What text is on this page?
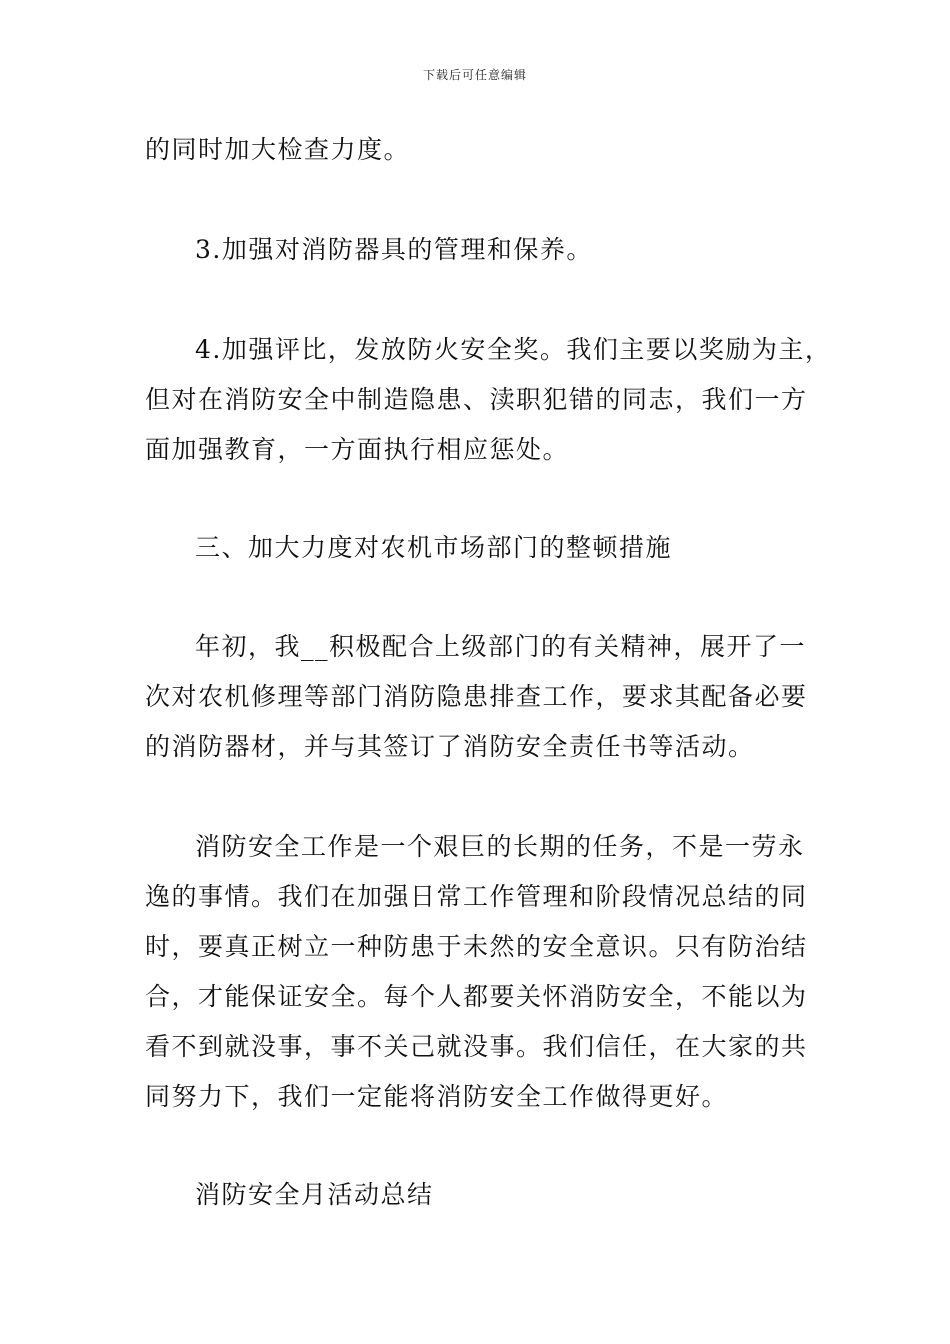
下载后可任意编辑
的同时加大检查力度。
3.加强对消防器具的管理和保养。
4.加强评比，发放防火安全奖。我们主要以奖励为主，
但对在消防安全中制造隐患、渎职犯错的同志，我们一方
面加强教育，一方面执行相应惩处。
三、加大力度对农机市场部门的整顿措施
年初，我__积极配合上级部门的有关精神，展开了一
次对农机修理等部门消防隐患排查工作，要求其配备必要
的消防器材，并与其签订了消防安全责任书等活动。
消防安全工作是一个艰巨的长期的任务，不是一劳永
逸的事情。我们在加强日常工作管理和阶段情况总结的同
时，要真正树立一种防患于未然的安全意识。只有防治结
合，才能保证安全。每个人都要关怀消防安全，不能以为
看不到就没事，事不关己就没事。我们信任，在大家的共
同努力下，我们一定能将消防安全工作做得更好。
消防安全月活动总结
